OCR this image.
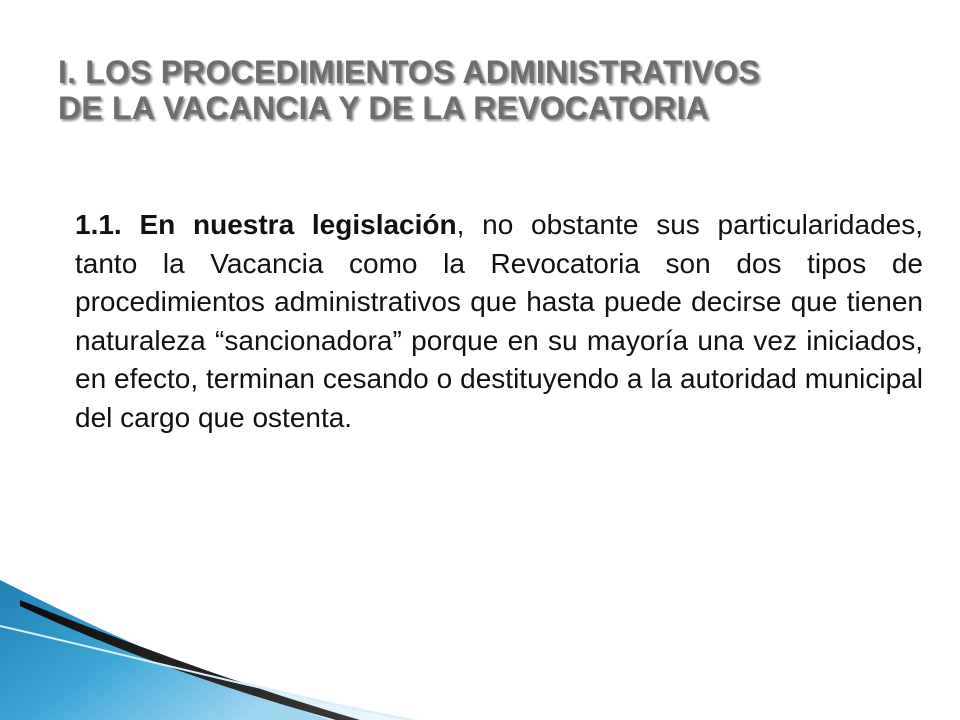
I. LOS PROCEDIMIENTOS ADMINISTRATIVOS
DE LA VACANCIA Y DE LA REVOCATORIA

1.1. En nuestra legislación, no obstante sus particularidades, tanto la Vacancia como la Revocatoria son dos tipos de procedimientos administrativos que hasta puede decirse que tienen naturaleza “sancionadora” porque en su mayoría una vez iniciados, en efecto, terminan cesando o destituyendo a la autoridad municipal del cargo que ostenta.
